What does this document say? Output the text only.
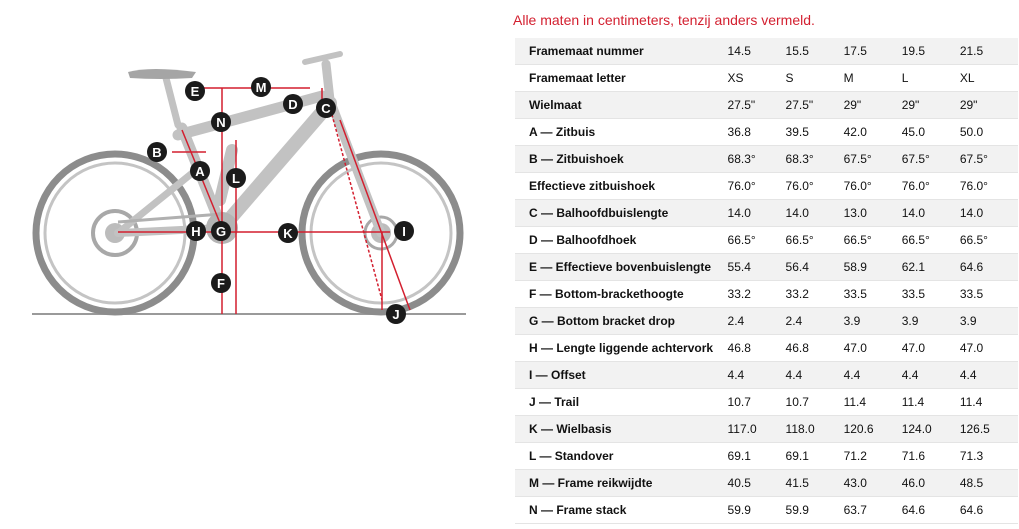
A
B
C
D
E
F
G
H	I
J
K
L
M
N
Alle maten in centimeters, tenzij anders vermeld.
Framemaat nummer	14.5	15.5	17.5	19.5	21.5
Framemaat letter	XS	S	M	L	XL
Wielmaat	27.5"	27.5"	29"	29"	29"
A — Zitbuis	36.8	39.5	42.0	45.0	50.0
B — Zitbuishoek	68.3°	68.3°	67.5°	67.5°	67.5°
Effectieve zitbuishoek	76.0°	76.0°	76.0°	76.0°	76.0°
C — Balhoofdbuislengte	14.0	14.0	13.0	14.0	14.0
D — Balhoofdhoek	66.5°	66.5°	66.5°	66.5°	66.5°
E — Effectieve bovenbuislengte	55.4	56.4	58.9	62.1	64.6
F — Bottom-brackethoogte	33.2	33.2	33.5	33.5	33.5
G — Bottom bracket drop	2.4	2.4	3.9	3.9	3.9
H — Lengte liggende achtervork	46.8	46.8	47.0	47.0	47.0
I — Offset	4.4	4.4	4.4	4.4	4.4
J — Trail	10.7	10.7	11.4	11.4	11.4
K — Wielbasis	117.0	118.0	120.6	124.0	126.5
L — Standover	69.1	69.1	71.2	71.6	71.3
M — Frame reikwijdte	40.5	41.5	43.0	46.0	48.5
N — Frame stack	59.9	59.9	63.7	64.6	64.6
